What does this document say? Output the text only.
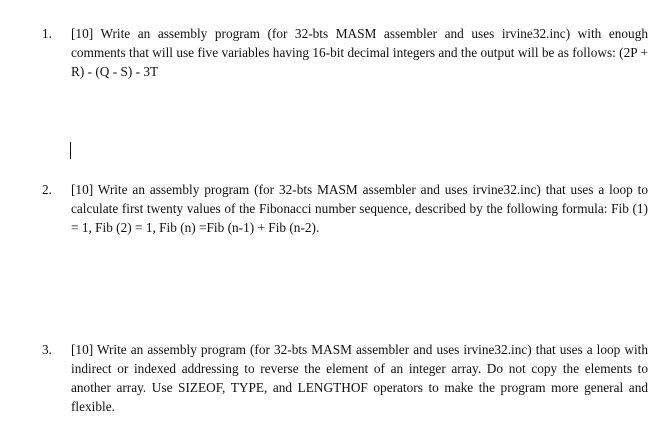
1.	[10] Write an assembly program (for 32-bts MASM assembler and uses irvine32.inc) with enough comments that will use five variables having 16-bit decimal integers and the output will be as follows: (2P + R) - (Q - S) - 3T
2.	[10] Write an assembly program (for 32-bts MASM assembler and uses irvine32.inc) that uses a loop to calculate first twenty values of the Fibonacci number sequence, described by the following formula: Fib (1) = 1, Fib (2) = 1, Fib (n) =Fib (n-1) + Fib (n-2).
3.	[10] Write an assembly program (for 32-bts MASM assembler and uses irvine32.inc) that uses a loop with indirect or indexed addressing to reverse the element of an integer array. Do not copy the elements to another array. Use SIZEOF, TYPE, and LENGTHOF operators to make the program more general and flexible.
